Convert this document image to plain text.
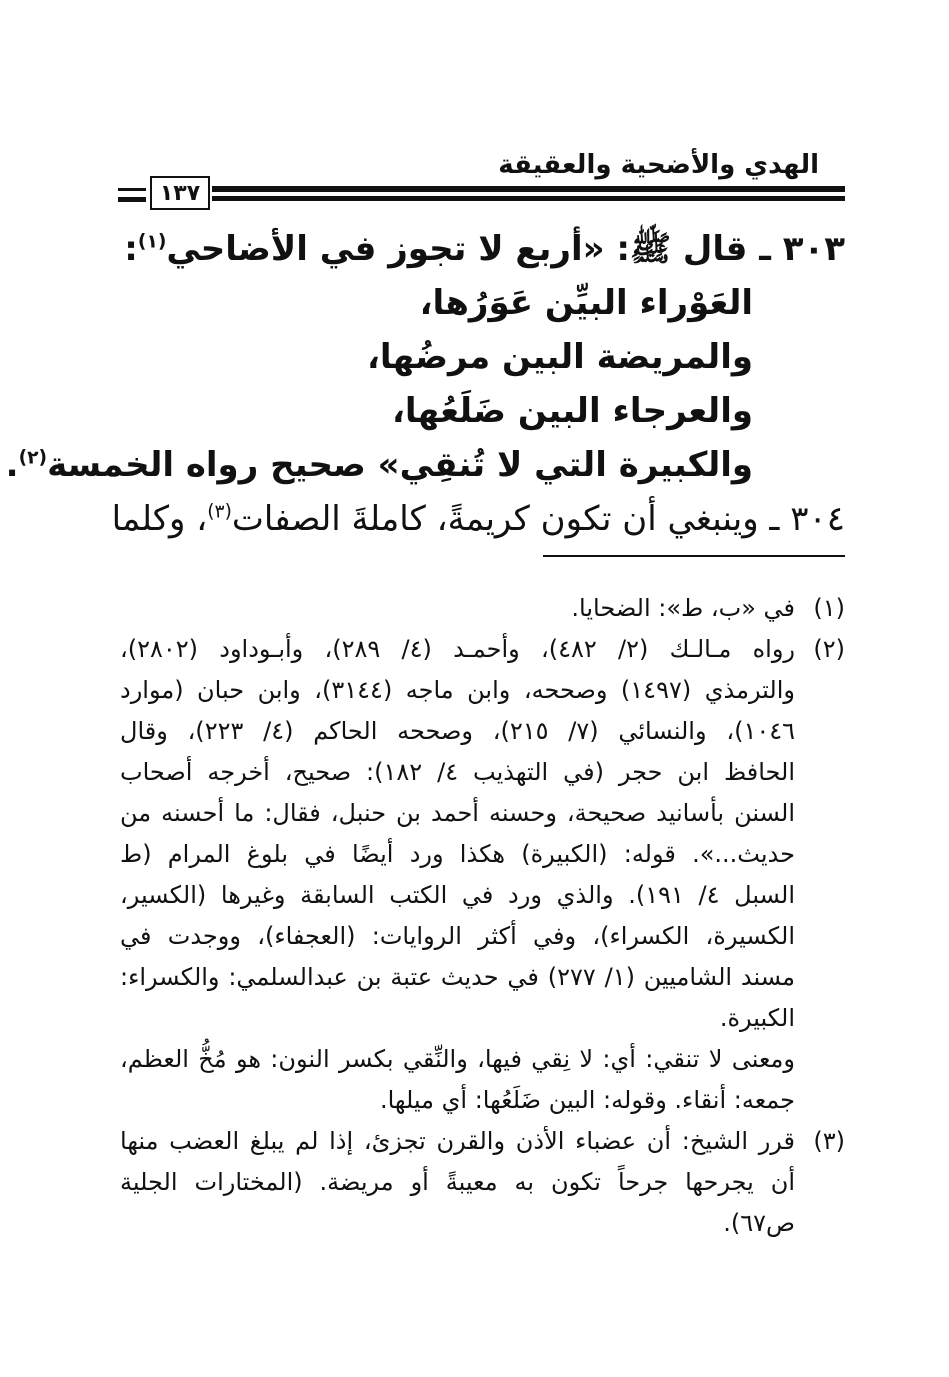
الهدي والأضحية والعقيقة
١٣٧
٣٠٣ ـ قال ﷺ: «أربع لا تجوز في الأضاحي$^{(١)}$:
العَوْراء البيِّن عَوَرُها،
والمريضة البين مرضُها،
والعرجاء البين ضَلَعُها،
والكبيرة التي لا تُنقِي» صحيح رواه الخمسة$^{(٢)}$.
٣٠٤ ـ وينبغي أن تكون كريمةً، كاملةَ الصفات$^{(٣)}$، وكلما
(١)
في «ب، ط»: الضحايا.
(٢)
رواه مـالـك (٢/ ٤٨٢)، وأحمـد (٤/ ٢٨٩)، وأبـوداود (٢٨٠٢)،
والترمذي (١٤٩٧) وصححه، وابن ماجه (٣١٤٤)، وابن حبان (موارد
١٠٤٦)، والنسائي (٧/ ٢١٥)، وصححه الحاكم (٤/ ٢٢٣)، وقال
الحافظ ابن حجر (في التهذيب ٤/ ١٨٢): صحيح، أخرجه أصحاب
السنن بأسانيد صحيحة، وحسنه أحمد بن حنبل، فقال: ما أحسنه من
حديث...». قوله: (الكبيرة) هكذا ورد أيضًا في بلوغ المرام (ط
السبل ٤/ ١٩١). والذي ورد في الكتب السابقة وغيرها (الكسير،
الكسيرة، الكسراء)، وفي أكثر الروايات: (العجفاء)، ووجدت في
مسند الشاميين (١/ ٢٧٧) في حديث عتبة بن عبدالسلمي: والكسراء:
الكبيرة.
ومعنى لا تنقي: أي: لا نِقي فيها، والنِّقي بكسر النون: هو مُخُّ العظم،
جمعه: أنقاء. وقوله: البين ضَلَعُها: أي ميلها.
(٣)
قرر الشيخ: أن عضباء الأذن والقرن تجزئ، إذا لم يبلغ العضب منها
أن يجرحها جرحاً تكون به معيبةً أو مريضة. (المختارات الجلية
ص٦٧).
